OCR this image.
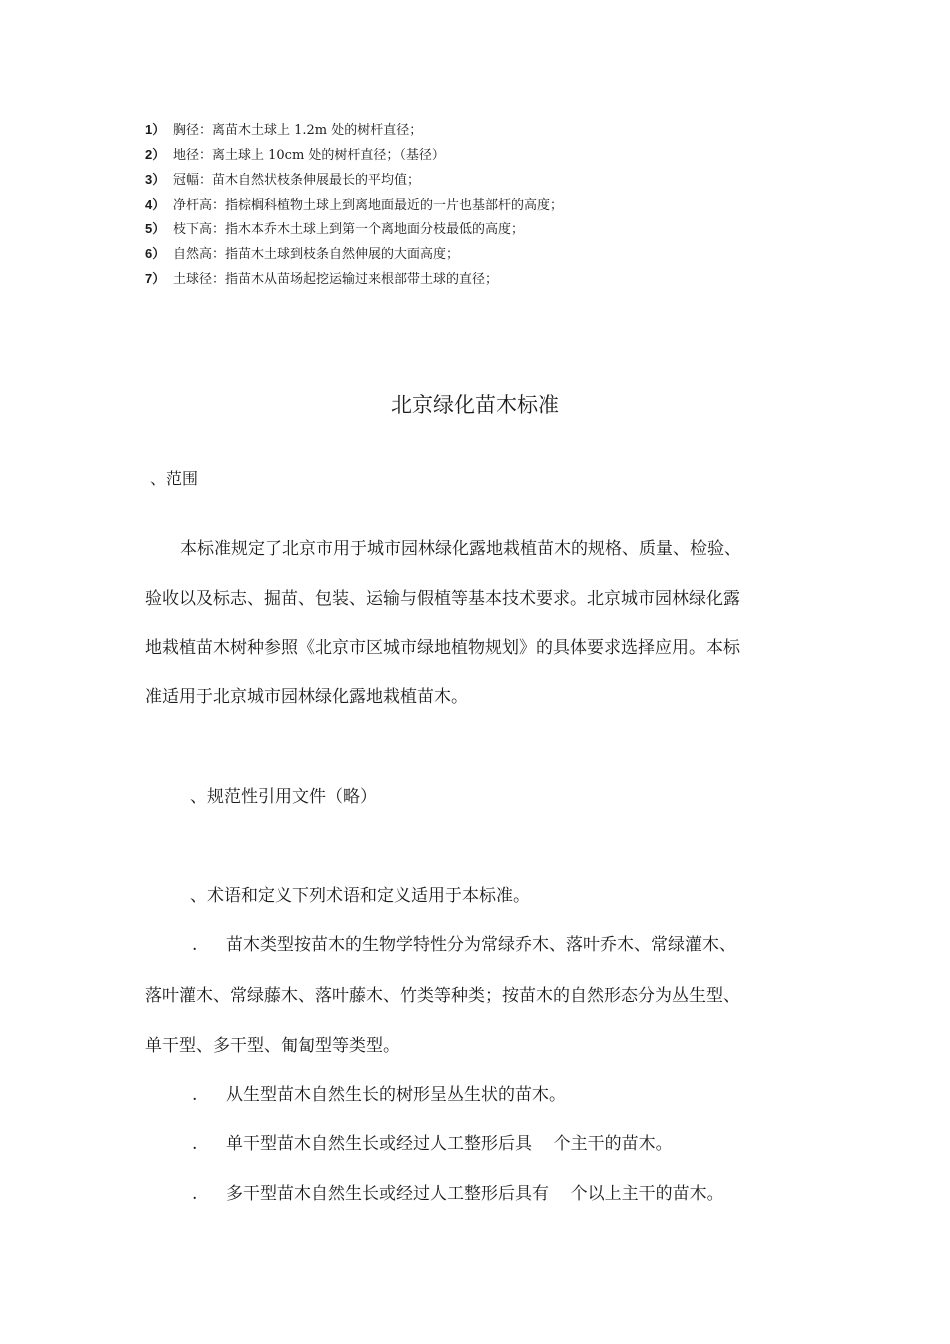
1） 胸径：离苗木土球上 1.2m 处的树杆直径；
2） 地径：离土球上 10cm 处的树杆直径；（基径）
3） 冠幅：苗木自然状枝条伸展最长的平均值；
4） 净杆高：指棕榈科植物土球上到离地面最近的一片也基部杆的高度；
5） 枝下高：指木本乔木土球上到第一个离地面分枝最低的高度；
6） 自然高：指苗木土球到枝条自然伸展的大面高度；
7） 土球径：指苗木从苗场起挖运输过来根部带土球的直径；
北京绿化苗木标准
、范围
本标准规定了北京市用于城市园林绿化露地栽植苗木的规格、质量、检验、
验收以及标志、掘苗、包装、运输与假植等基本技术要求。北京城市园林绿化露
地栽植苗木树种参照《北京市区城市绿地植物规划》的具体要求选择应用。本标
准适用于北京城市园林绿化露地栽植苗木。
、规范性引用文件（略）
、术语和定义下列术语和定义适用于本标准。
. 苗木类型按苗木的生物学特性分为常绿乔木、落叶乔木、常绿灌木、
落叶灌木、常绿藤木、落叶藤木、竹类等种类；按苗木的自然形态分为丛生型、
单干型、多干型、匍匐型等类型。
. 从生型苗木自然生长的树形呈丛生状的苗木。
. 单干型苗木自然生长或经过人工整形后具    个主干的苗木。
. 多干型苗木自然生长或经过人工整形后具有    个以上主干的苗木。
